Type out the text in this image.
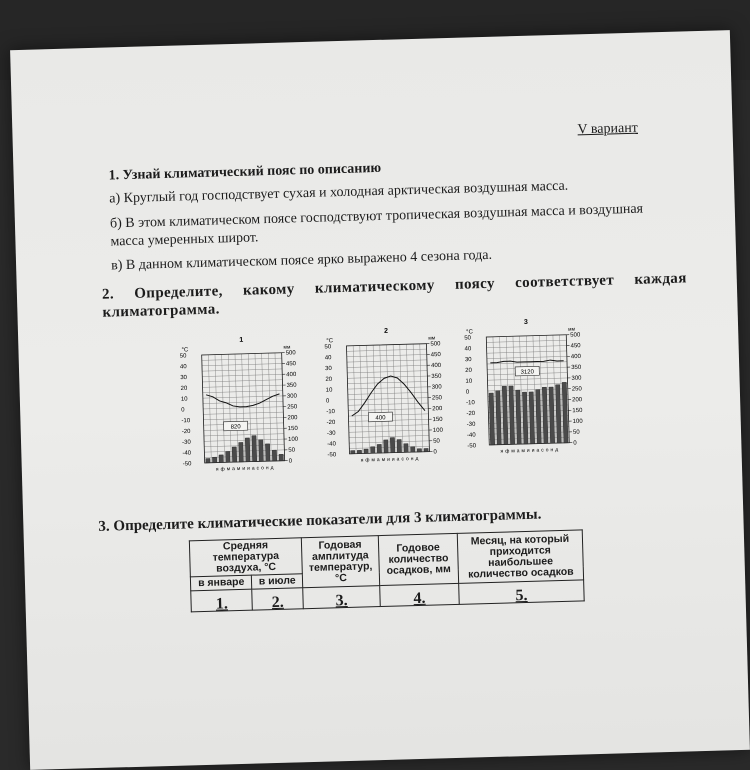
V вариант
1. Узнай климатический пояс по описанию
а) Круглый год господствует сухая и холодная арктическая воздушная масса.
б) В этом климатическом поясе господствуют тропическая воздушная масса и воздушная масса умеренных широт.
в) В данном климатическом поясе ярко выражено 4 сезона года.
2. Определите, какому климатическому поясу соответствует каждая климатограмма.
1
°C	мм
50
40
30
20
10
0
-10
-20
-30
-40
-50
500
450
400
350
300
250
200
150
100
50
0
820
я ф м а м и и а с о н д
2
°C	мм
50
40
30
20
10
0
-10
-20
-30
-40
-50
500
450
400
350
300
250
200
150
100
50
0
400
я ф м а м и и а с о н д
3
°C	мм
50
40
30
20
10
0
-10
-20
-30
-40
-50
500
450
400
350
300
250
200
150
100
50
0
3120
я ф м а м и и а с о н д
3. Определите климатические показатели для 3 климатограммы.
Средняя температура воздуха, °С		Годовая амплитуда температур, °С	Годовое количество осадков, мм	Месяц, на который приходится наибольшее количество осадков
в январе	в июле			
1.	2.	3.	4.	5.
